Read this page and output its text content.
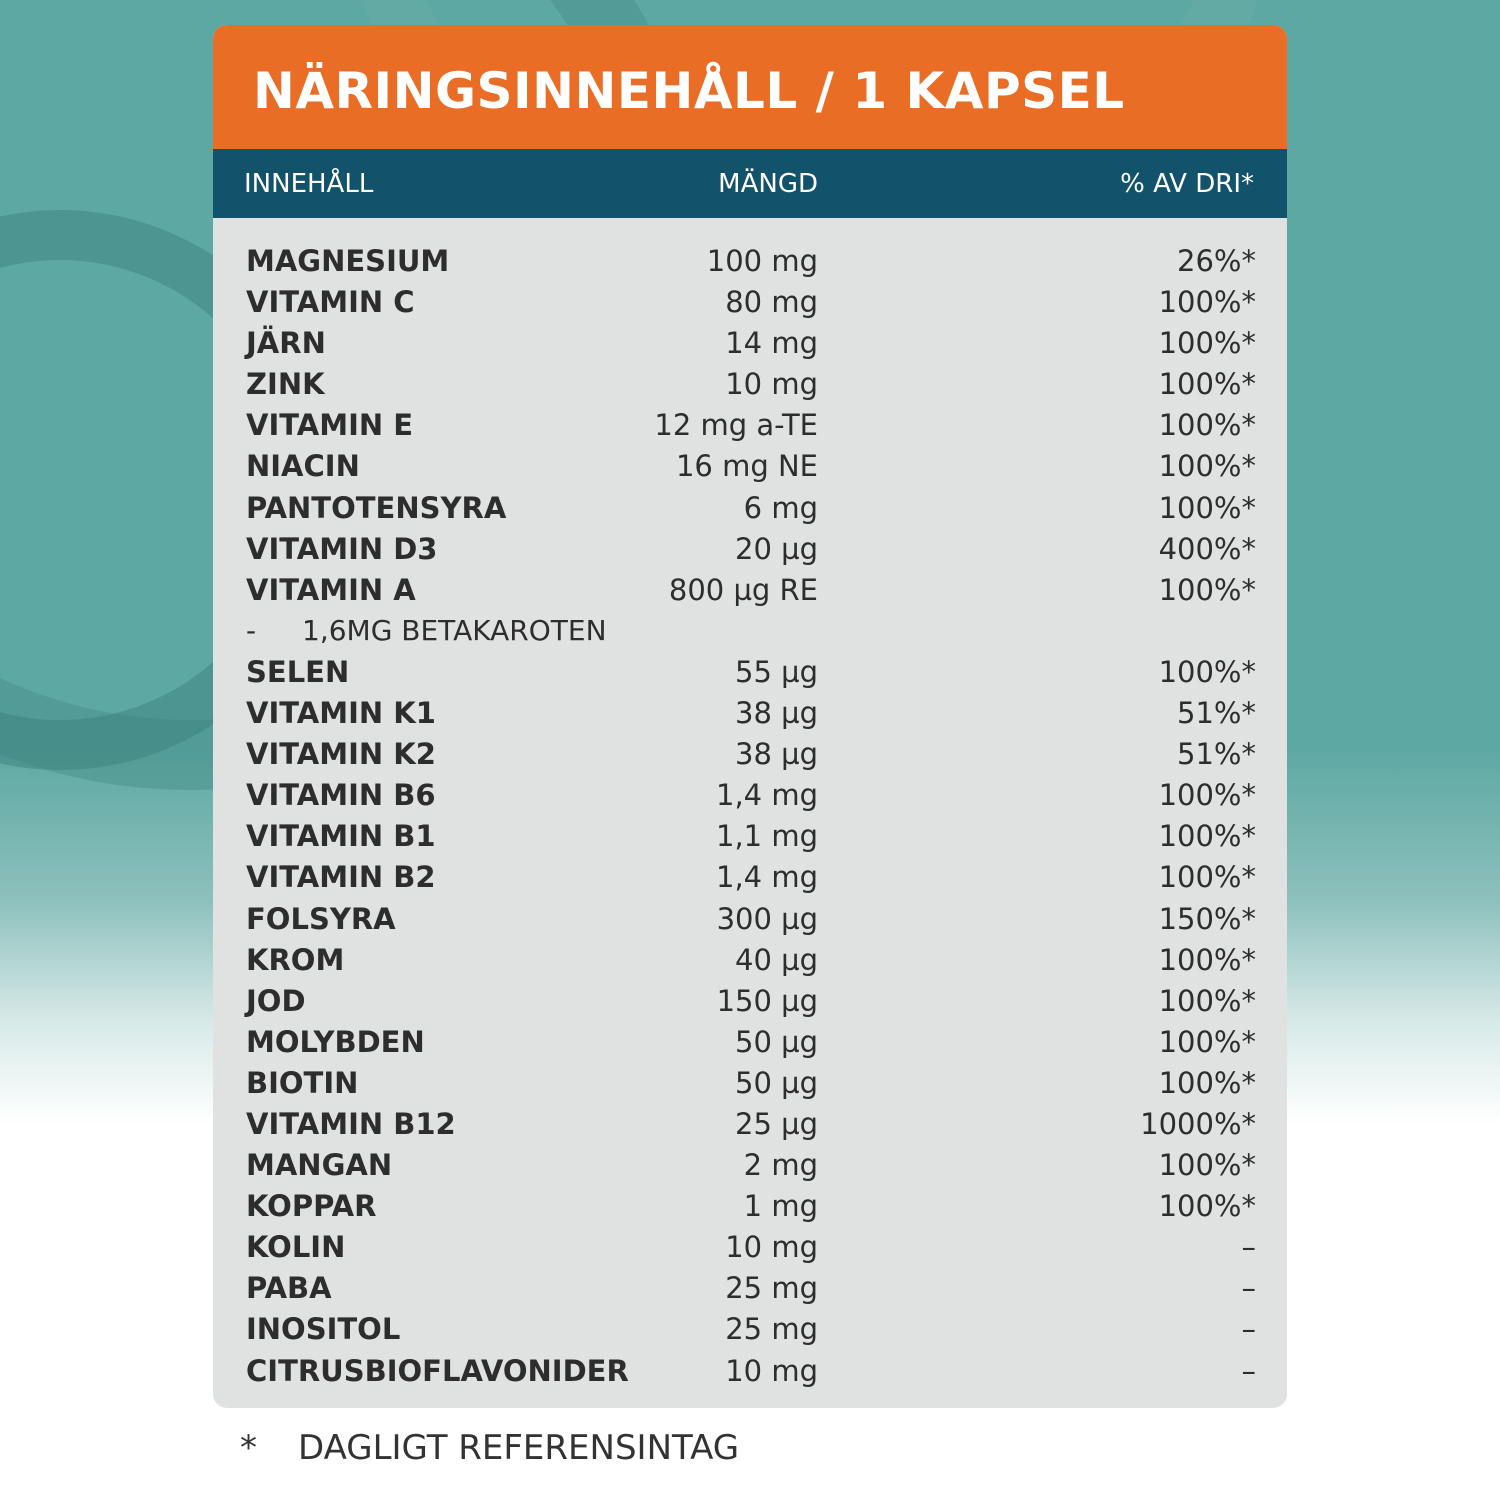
NÄRINGSINNEHÅLL / 1 KAPSEL
INNEHÅLL	MÄNGD	% AV DRI*
MAGNESIUM	100 mg	26%*
VITAMIN C	80 mg	100%*
JÄRN	14 mg	100%*
ZINK	10 mg	100%*
VITAMIN E	12 mg a-TE	100%*
NIACIN	16 mg NE	100%*
PANTOTENSYRA	6 mg	100%*
VITAMIN D3	20 µg	400%*
VITAMIN A	800 µg RE	100%*
- 1,6MG BETAKAROTEN
SELEN	55 µg	100%*
VITAMIN K1	38 µg	51%*
VITAMIN K2	38 µg	51%*
VITAMIN B6	1,4 mg	100%*
VITAMIN B1	1,1 mg	100%*
VITAMIN B2	1,4 mg	100%*
FOLSYRA	300 µg	150%*
KROM	40 µg	100%*
JOD	150 µg	100%*
MOLYBDEN	50 µg	100%*
BIOTIN	50 µg	100%*
VITAMIN B12	25 µg	1000%*
MANGAN	2 mg	100%*
KOPPAR	1 mg	100%*
KOLIN	10 mg	–
PABA	25 mg	–
INOSITOL	25 mg	–
CITRUSBIOFLAVONIDER	10 mg	–
* DAGLIGT REFERENSINTAG
